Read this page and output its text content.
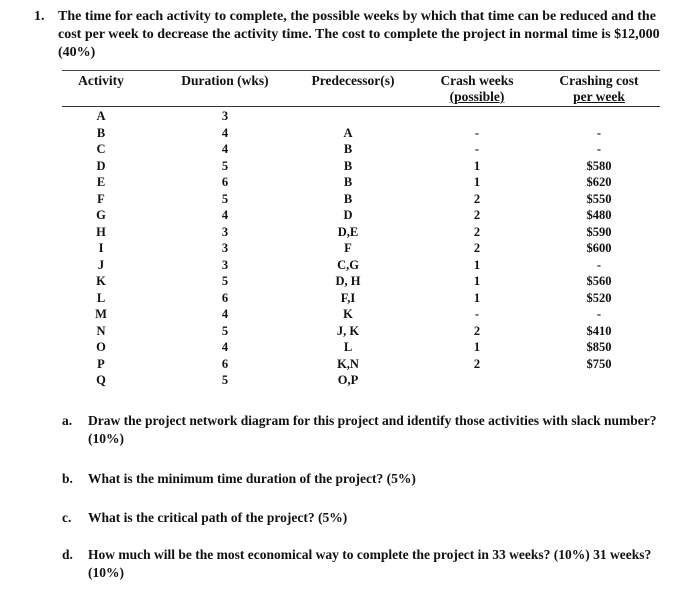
1. The time for each activity to complete, the possible weeks by which that time can be reduced and the cost per week to decrease the activity time. The cost to complete the project in normal time is $12,000 (40%)
Activity	Duration (wks)	Predecessor(s)	Crash weeks
(possible)
Crashing cost
per week
A	3
B	4	A	-	-
C	4	B	-	-
D	5	B	1	$580
E	6	B	1	$620
F	5	B	2	$550
G	4	D	2	$480
H	3	D,E	2	$590
I	3	F	2	$600
J	3	C,G	1	-
K	5	D, H	1	$560
L	6	F,I	1	$520
M	4	K	-	-
N	5	J, K	2	$410
O	4	L	1	$850
P	6	K,N	2	$750
Q	5	O,P
a. Draw the project network diagram for this project and identify those activities with slack number? (10%)
b. What is the minimum time duration of the project? (5%)
c. What is the critical path of the project? (5%)
d. How much will be the most economical way to complete the project in 33 weeks? (10%) 31 weeks?(10%)
